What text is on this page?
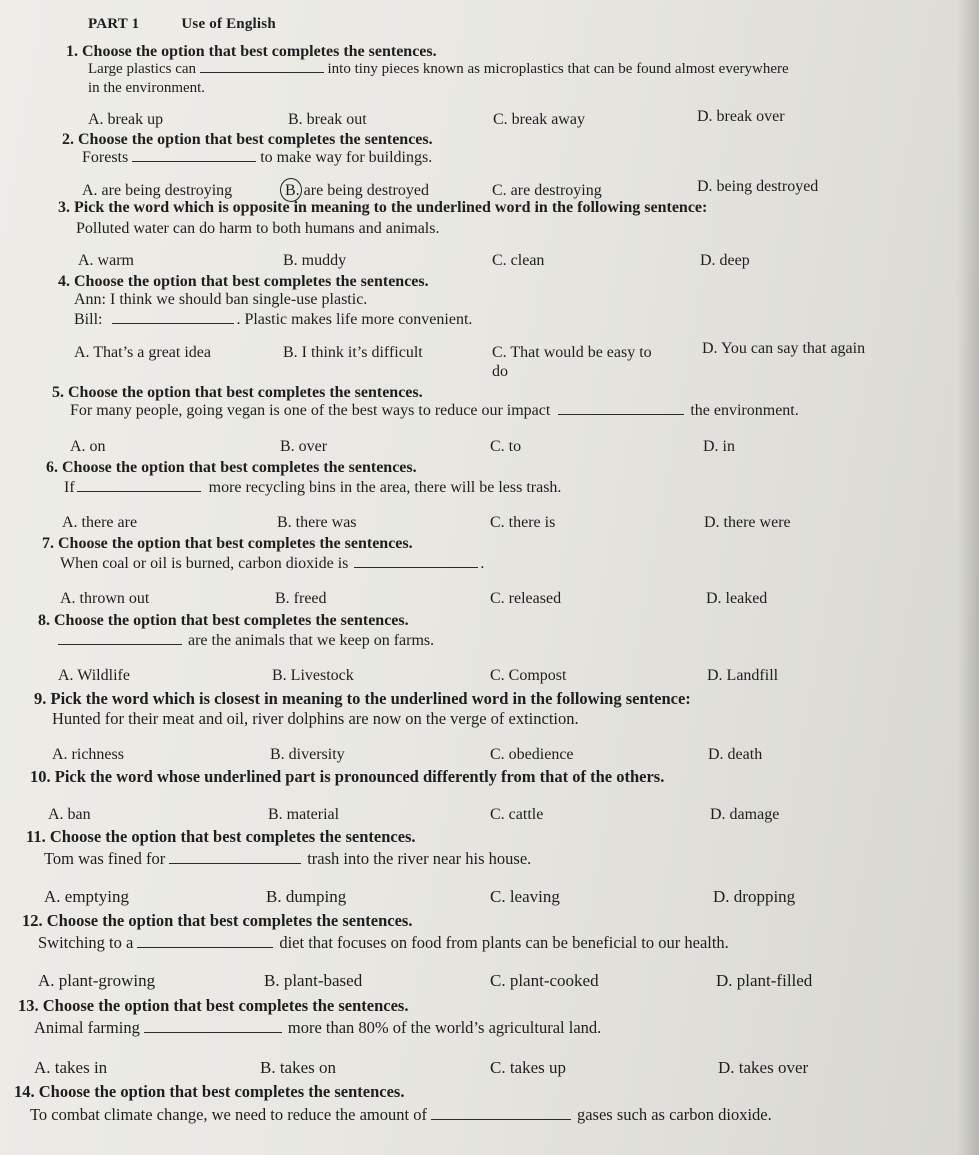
PART 1	Use of English
1. Choose the option that best completes the sentences.
Large plastics can	into tiny pieces known as microplastics that can be found almost everywhere
in the environment.
A. break up	B. break out	C. break away	D. break over
2. Choose the option that best completes the sentences.
Forests	to make way for buildings.
A. are being destroying	B. are being destroyed	C. are destroying	D. being destroyed
3. Pick the word which is opposite in meaning to the underlined word in the following sentence:
Polluted water can do harm to both humans and animals.
A. warm	B. muddy	C. clean	D. deep
4. Choose the option that best completes the sentences.
Ann: I think we should ban single-use plastic.
Bill:	. Plastic makes life more convenient.
A. That’s a great idea	B. I think it’s difficult	C. That would be easy to
do
D. You can say that again
5. Choose the option that best completes the sentences.
For many people, going vegan is one of the best ways to reduce our impact	the environment.
A. on	B. over	C. to	D. in
6. Choose the option that best completes the sentences.
If	more recycling bins in the area, there will be less trash.
A. there are	B. there was	C. there is	D. there were
7. Choose the option that best completes the sentences.
When coal or oil is burned, carbon dioxide is	.
A. thrown out	B. freed	C. released	D. leaked
8. Choose the option that best completes the sentences.
are the animals that we keep on farms.
A. Wildlife	B. Livestock	C. Compost	D. Landfill
9. Pick the word which is closest in meaning to the underlined word in the following sentence:
Hunted for their meat and oil, river dolphins are now on the verge of extinction.
A. richness	B. diversity	C. obedience	D. death
10. Pick the word whose underlined part is pronounced differently from that of the others.
A. ban	B. material	C. cattle	D. damage
11. Choose the option that best completes the sentences.
Tom was fined for	trash into the river near his house.
A. emptying	B. dumping	C. leaving	D. dropping
12. Choose the option that best completes the sentences.
Switching to a	diet that focuses on food from plants can be beneficial to our health.
A. plant-growing	B. plant-based	C. plant-cooked	D. plant-filled
13. Choose the option that best completes the sentences.
Animal farming	more than 80% of the world’s agricultural land.
A. takes in	B. takes on	C. takes up	D. takes over
14. Choose the option that best completes the sentences.
To combat climate change, we need to reduce the amount of	gases such as carbon dioxide.
